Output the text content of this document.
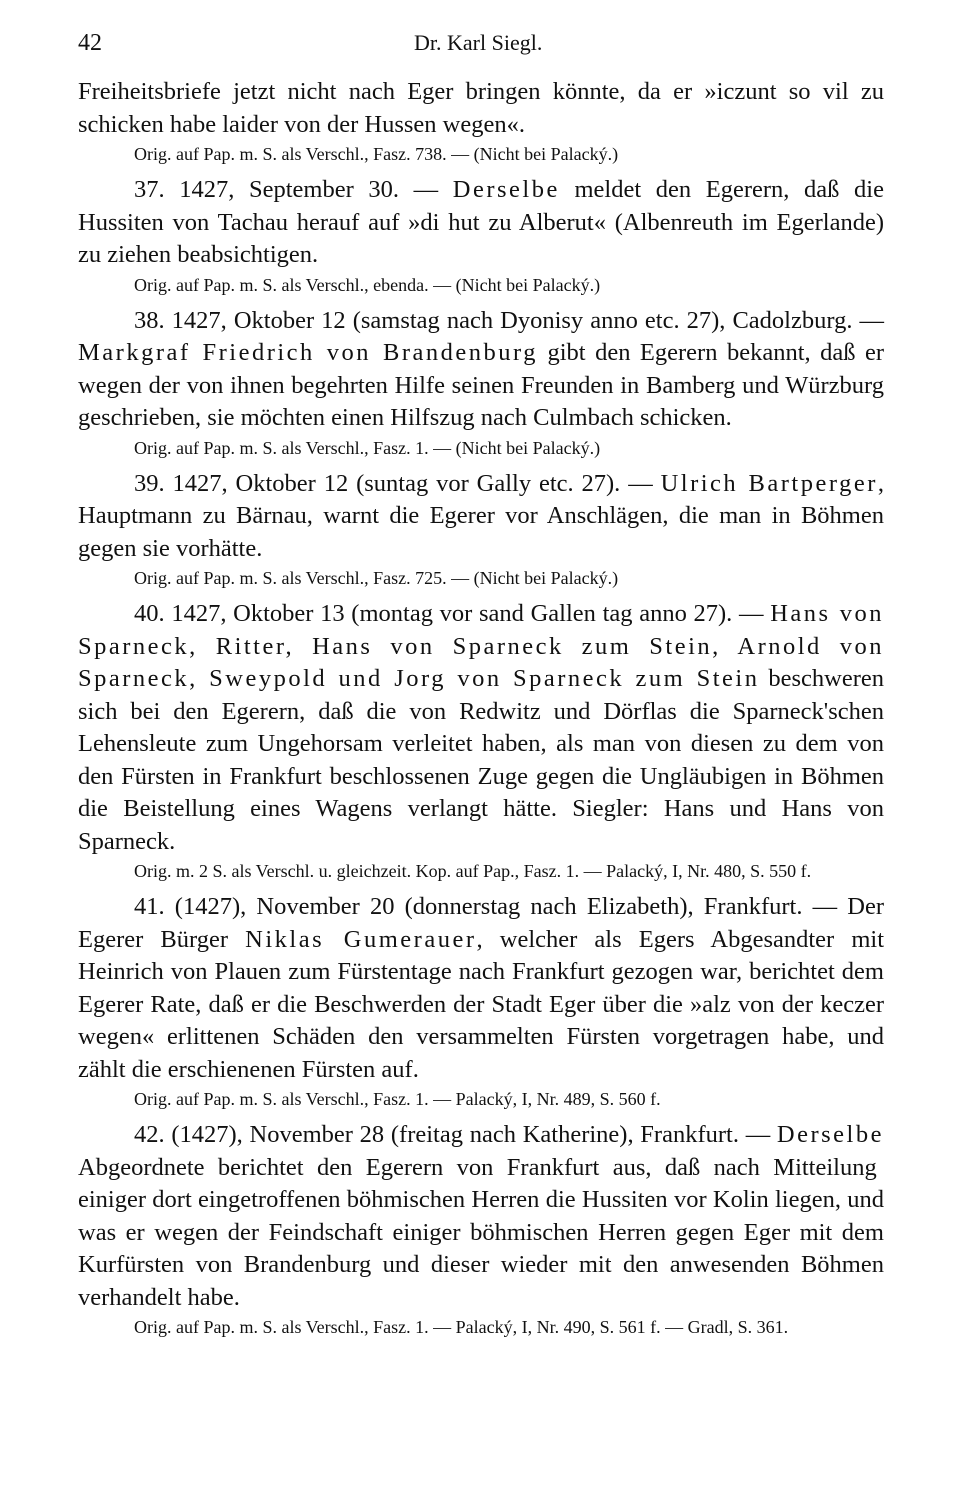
42	Dr. Karl Siegl.

Freiheitsbriefe jetzt nicht nach Eger bringen könnte, da er »iczunt so vil zu schicken habe laider von der Hussen wegen«.

Orig. auf Pap. m. S. als Verschl., Fasz. 738. — (Nicht bei Palacký.)

37. 1427, September 30. — Derselbe meldet den Egerern, daß die Hussiten von Tachau herauf auf »di hut zu Alberut« (Albenreuth im Egerlande) zu ziehen beabsichtigen.

Orig. auf Pap. m. S. als Verschl., ebenda. — (Nicht bei Palacký.)

38. 1427, Oktober 12 (samstag nach Dyonisy anno etc. 27), Cadolzburg. — Markgraf Friedrich von Brandenburg gibt den Egerern bekannt, daß er wegen der von ihnen begehrten Hilfe seinen Freunden in Bamberg und Würzburg geschrieben, sie möchten einen Hilfszug nach Culmbach schicken.

Orig. auf Pap. m. S. als Verschl., Fasz. 1. — (Nicht bei Palacký.)

39. 1427, Oktober 12 (suntag vor Gally etc. 27). — Ulrich Bartperger, Hauptmann zu Bärnau, warnt die Egerer vor Anschlägen, die man in Böhmen gegen sie vorhätte.

Orig. auf Pap. m. S. als Verschl., Fasz. 725. — (Nicht bei Palacký.)

40. 1427, Oktober 13 (montag vor sand Gallen tag anno 27). — Hans von Sparneck, Ritter, Hans von Sparneck zum Stein, Arnold von Sparneck, Sweypold und Jorg von Sparneck zum Stein beschweren sich bei den Egerern, daß die von Redwitz und Dörflas die Sparneck'schen Lehensleute zum Ungehorsam verleitet haben, als man von diesen zu dem von den Fürsten in Frankfurt beschlossenen Zuge gegen die Ungläubigen in Böhmen die Beistellung eines Wagens verlangt hätte. Siegler: Hans und Hans von Sparneck.

Orig. m. 2 S. als Verschl. u. gleichzeit. Kop. auf Pap., Fasz. 1. — Palacký, I, Nr. 480, S. 550 f.

41. (1427), November 20 (donnerstag nach Elizabeth), Frankfurt. — Der Egerer Bürger Niklas Gumerauer, welcher als Egers Abgesandter mit Heinrich von Plauen zum Fürstentage nach Frankfurt gezogen war, berichtet dem Egerer Rate, daß er die Beschwerden der Stadt Eger über die »alz von der keczer wegen« erlittenen Schäden den versammelten Fürsten vorgetragen habe, und zählt die erschienenen Fürsten auf.

Orig. auf Pap. m. S. als Verschl., Fasz. 1. — Palacký, I, Nr. 489, S. 560 f.

42. (1427), November 28 (freitag nach Katherine), Frankfurt. — Derselbe Abgeordnete berichtet den Egerern von Frankfurt aus, daß nach Mitteilung einiger dort eingetroffenen böhmischen Herren die Hussiten vor Kolin liegen, und was er wegen der Feindschaft einiger böhmischen Herren gegen Eger mit dem Kurfürsten von Brandenburg und dieser wieder mit den anwesenden Böhmen verhandelt habe.

Orig. auf Pap. m. S. als Verschl., Fasz. 1. — Palacký, I, Nr. 490, S. 561 f. — Gradl, S. 361.
